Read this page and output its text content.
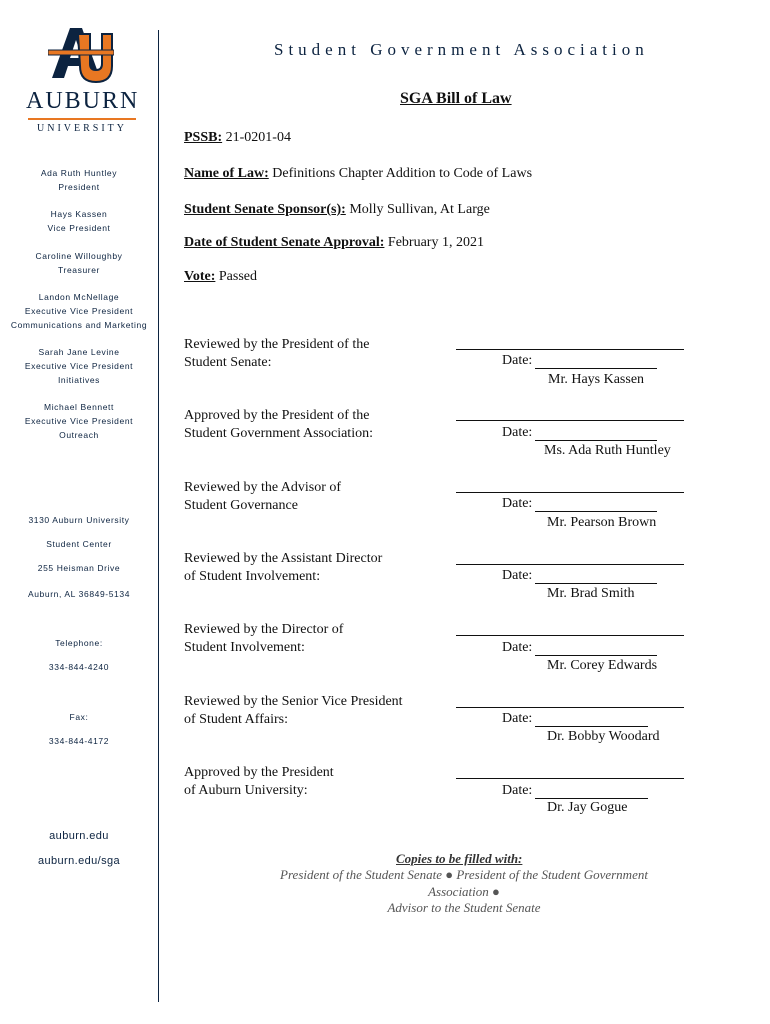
AUBURN
UNIVERSITY
Student Government Association
Ada Ruth Huntley
President
Hays Kassen
Vice President
Caroline Willoughby
Treasurer
Landon McNellage
Executive Vice President
Communications and Marketing
Sarah Jane Levine
Executive Vice President
Initiatives
Michael Bennett
Executive Vice President
Outreach
3130 Auburn University
Student Center
255 Heisman Drive
Auburn, AL 36849-5134
Telephone:
334-844-4240
Fax:
334-844-4172
auburn.edu
auburn.edu/sga
SGA Bill of Law
PSSB: 21-0201-04
Name of Law: Definitions Chapter Addition to Code of Laws
Student Senate Sponsor(s): Molly Sullivan, At Large
Date of Student Senate Approval: February 1, 2021
Vote: Passed
Reviewed by the President of the
Student Senate:	Date:
Mr. Hays Kassen
Approved by the President of the
Student Government Association:	Date:
Ms. Ada Ruth Huntley
Reviewed by the Advisor of
Student Governance	Date:
Mr. Pearson Brown
Reviewed by the Assistant Director
of Student Involvement:	Date:
Mr. Brad Smith
Reviewed by the Director of
Student Involvement:	Date:
Mr. Corey Edwards
Reviewed by the Senior Vice President
of Student Affairs:	Date:
Dr. Bobby Woodard
Approved by the President
of Auburn University:	Date:
Dr. Jay Gogue
Copies to be filled with:
President of the Student Senate ● President of the Student Government
Association ●
Advisor to the Student Senate
